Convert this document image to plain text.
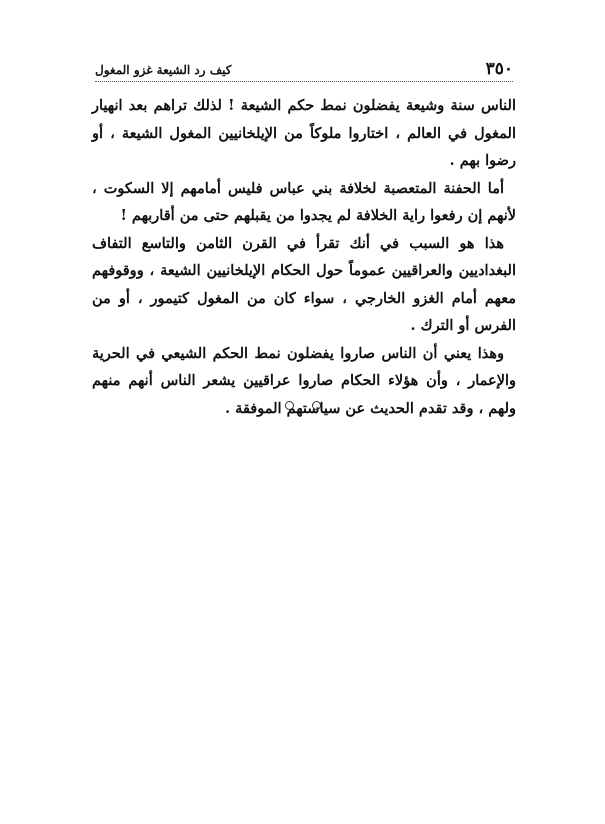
٣٥٠
كيف رد الشيعة غزو المغول

الناس سنة وشيعة يفضلون نمط حكم الشيعة ! لذلك تراهم بعد انهيار المغول في العالم ، اختاروا ملوكاً من الإيلخانيين المغول الشيعة ، أو رضوا بهم .

أما الحفنة المتعصبة لخلافة بني عباس فليس أمامهم إلا السكوت ، لأنهم إن رفعوا راية الخلافة لم يجدوا من يقبلهم حتى من أقاربهم !

هذا هو السبب في أنك تقرأ في القرن الثامن والتاسع التفاف البغداديين والعراقيين عموماً حول الحكام الإيلخانيين الشيعة ، ووقوفهم معهم أمام الغزو الخارجي ، سواء كان من المغول كتيمور ، أو من الفرس أو الترك .

وهذا يعني أن الناس صاروا يفضلون نمط الحكم الشيعي في الحرية والإعمار ، وأن هؤلاء الحكام صاروا عراقيين يشعر الناس أنهم منهم ولهم ، وقد تقدم الحديث عن سياستهم الموفقة .
